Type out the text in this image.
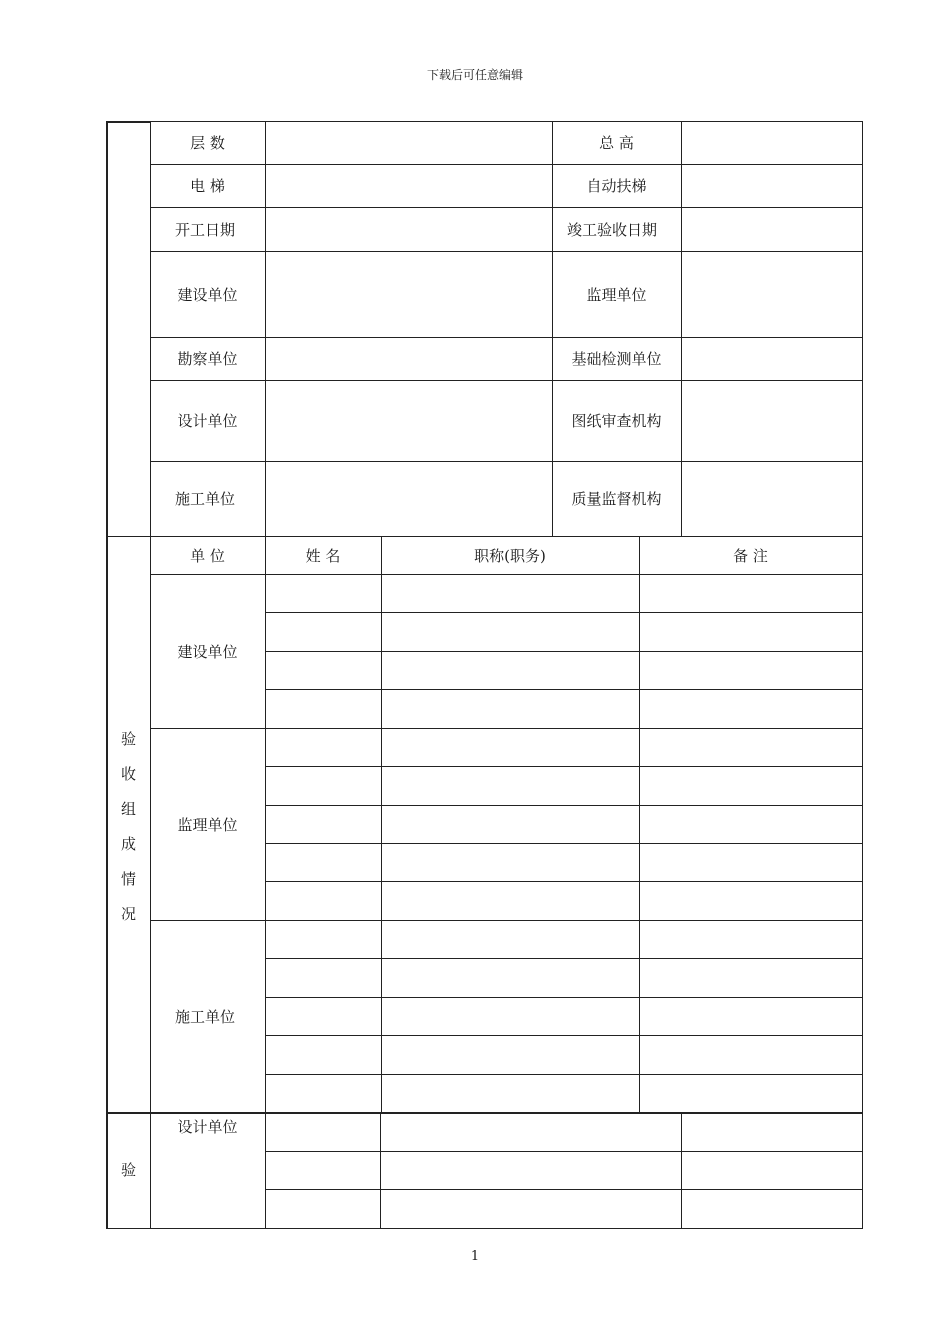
下载后可任意编辑
层 数	总 高
电 梯	自动扶梯
开工日期	竣工验收日期
建设单位	监理单位
勘察单位	基础检测单位
设计单位	图纸审查机构
施工单位	质量监督机构
单 位	姓 名	职称(职务)	备 注
建设单位
监理单位
施工单位
验
收
组
成
情
况
验
设计单位
1
